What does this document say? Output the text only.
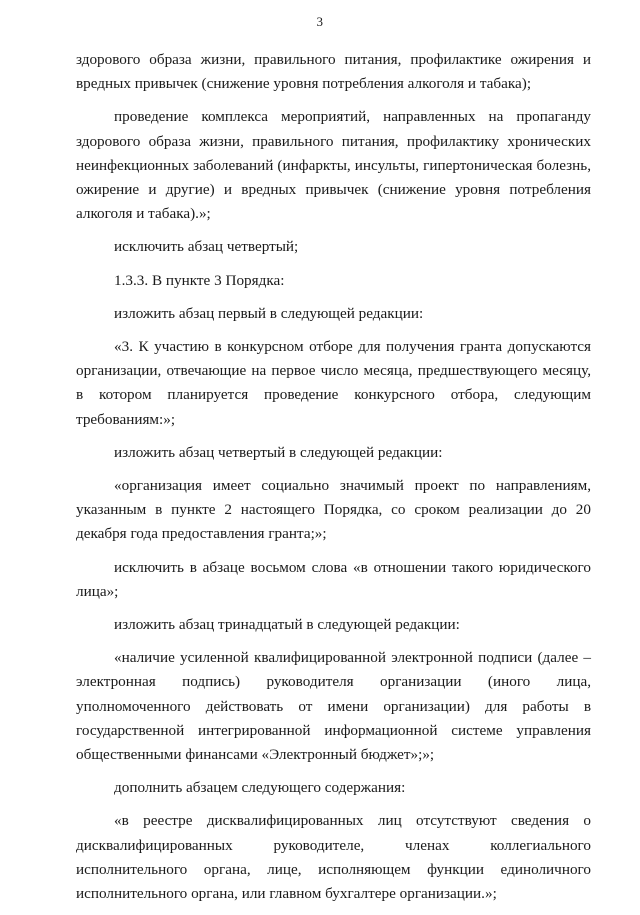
3

здорового образа жизни, правильного питания, профилактике ожирения и вредных привычек (снижение уровня потребления алкоголя и табака);

проведение комплекса мероприятий, направленных на пропаганду здорового образа жизни, правильного питания, профилактику хронических неинфекционных заболеваний (инфаркты, инсульты, гипертоническая болезнь, ожирение и другие) и вредных привычек (снижение уровня потребления алкоголя и табака).»;

исключить абзац четвертый;

1.3.3. В пункте 3 Порядка:

изложить абзац первый в следующей редакции:

«3. К участию в конкурсном отборе для получения гранта допускаются организации, отвечающие на первое число месяца, предшествующего месяцу, в котором планируется проведение конкурсного отбора, следующим требованиям:»;

изложить абзац четвертый в следующей редакции:

«организация имеет социально значимый проект по направлениям, указанным в пункте 2 настоящего Порядка, со сроком реализации до 20 декабря года предоставления гранта;»;

исключить в абзаце восьмом слова «в отношении такого юридического лица»;

изложить абзац тринадцатый в следующей редакции:

«наличие усиленной квалифицированной электронной подписи (далее – электронная подпись) руководителя организации (иного лица, уполномоченного действовать от имени организации) для работы в государственной интегрированной информационной системе управления общественными финансами «Электронный бюджет»;»;

дополнить абзацем следующего содержания:

«в реестре дисквалифицированных лиц отсутствуют сведения о дисквалифицированных руководителе, членах коллегиального исполнительного органа, лице, исполняющем функции единоличного исполнительного органа, или главном бухгалтере организации.»;
